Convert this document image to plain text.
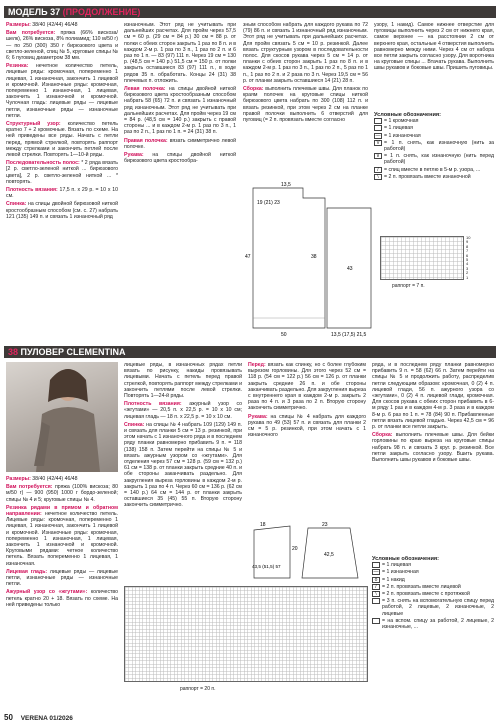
МОДЕЛЬ 37 (ПРОДОЛЖЕНИЕ)

Размеры: 38/40 (42/44) 46/48

Вам потребуется: пряжа (66% вискоза/шелк), 26% вискоза, 8% полиамид; 110 м/50 г) — по 250 (300) 350 г бирюзового цвета и светло-зеленой, спиц № 5, круговые спицы № 6; 6 пуговиц диаметром 38 мм.

Резинка: нечетное количество петель, лицевые ряды: кромочная, попеременно 1 лицевая, 1 изнаночная, закончить 1 лицевой и кромочной. Изнаночные ряды: кромочная, попеременно 1 изнаночная, 1 лицевая, закончить 1 изнаночной и кромочной. Чулочная гладь: лицевые ряды — лицевые петли, изнаночные ряды — изнаночные петли.

Структурный узор: количество петель кратно 7 + 2 кромочные. Вязать по схеме. На ней приведены все ряды. Начать с петли перед, прямой стрелкой, повторять раппорт между стрелками и закончить петлей после левой стрелки. Повторять 1—10-й ряды.

Последовательность полос: * 2 ряда вязать [2 р. светло-зеленой ниткой ... бирюзового цвета], 2 р. светло-зеленой ниткой ... * повторять.

Плотность вязания: 17,5 п. x 29 р. = 10 x 10 см.

Спинка: на спицы двойной бирюзовой ниткой кростообразным способом (см. с. 27) набрать 121 (135) 149 п. и связать 1 изнаночный ряд

изнаночным. Этот ряд не учитывать при дальнейших расчетах. Для пройм через 57,5 см = 60 р. (29 см = 84 р.) 30 см = 88 р. от полки с обеих сторон закрыть 1 раз по 8 п. и в каждом 2-м р. 1 раз по 3 п., 1 раз по 2 п. и 6 раз по 1 п. — 83 (97) 111 п. Через 19 см = 130 р. (48,5 см = 140 р.) 51,5 см = 150 р. от полки закрыть оставшиеся 83 (97) 111 п., в ходе рядов 35 п. обработать. Концы 24 (31) 38 плечевых п. отложить.

Левая полочка: на спицы двойной ниткой бирюзового цвета кростообразным способом набрать 58 (65) 72 п. и связать 1 изнаночный ряд изнаночным. Этот ряд не учитывать при дальнейших расчетах. Для пройм через 19 см = 84 р. (48,5 см = 140 р.) закрыть с правой стороны ... и в каждом 2-м р. 1 раз по 3 п., 1 раз по 2 п., 1 раз по 1 п. = 24 (31) 38 п.

Правая полочка: вязать симметрично левой полочке.

Рукава: на спицы двойной ниткой бирюзового цвета кростообра-

зным способом набрать для каждого рукава по 72 (79) 86 п. и связать 1 изнаночный ряд изнаночным. Этот ряд не учитывать при дальнейших расчетах. Для пройм связать 5 см = 10 р. резинкой. Далее вязать структурным узором в последовательности полос. Для скосов рукава через 5 см = 14 р. от планки с обеих сторон закрыть 1 раз по 8 п. и в каждом 2-м р. 1 раз по 3 п., 1 раз по 2 п., 5 раз по 1 п., 1 раз по 2 п. и 2 раза по 3 п. Через 19,5 см = 56 р. от планки закрыть оставшиеся 14 (21) 28 п.

Сборка: выполнить плечевые швы. Для планок по краям полочек на круговые спицы ниткой бирюзового цвета набрать по 300 (108) 112 п. и вязать резинкой, при этом через 2 см на планке правой полочки выполнить 6 отверстий для пуговиц (= 2 п. провязать вместе согласно

узору, 1 накид). Самое нижнее отверстие для пуговицы выполнить через 2 см от нижнего края, самое верхнее — на расстоянии 2 см от верхнего края, остальные 4 отверстия выполнить равномерно между ними. Через 4 см от набора все петли закрыть согласно узору. Для воротника на круговые спицы ... Втачать рукава. Выполнить швы рукавов и боковые швы. Пришить пуговицы.

13,5
19 (21) 23
47	38
43
50	13,5 (17,5) 21,5
Условные обозначения:
= 1 кромочная
= 1 лицевая
— = 1 изнаночная
V = 1 п. снять, как изнаночную (нить за работой)
∨ = 1 п. снять, как изнаночную (нить перед работой)
/	= спиц вместе в петлю в 5-м р. узора, ...
\	= 2 п. провязать вместе изнаночной
10
9
8
7
6
5
4
3
2
1
раппорт = 7 п.
38 ПУЛОВЕР CLEMENTINA

Размеры: 38/40 (42/44) 46/48

Вам потребуется: пряжа (100% вискоза; 80 м/50 г) — 900 (950) 1000 г бордо-зеленой; спицы № 4 и 5; круговые спицы № 4.

Резинка рядами в прямом и обратном направлении: нечетное количество петель. Лицевые ряды: кромочная, попеременно 1 лицевая, 1 изнаночная, закончить 1 лицевой и кромочной. Изнаночные ряды: кромочная, попеременно 1 изнаночная, 1 лицевая, закончить 1 изнаночной и кромочной. Круговыми рядами: четное количество петель. Вязать попеременно 1 лицевая, 1 изнаночная.

Лицевая гладь: лицевые ряды — лицевые петли, изнаночные ряды — изнаночные петли.

Ажурный узор со «жгутами»: количество петель кратно 20 + 18. Вязать по схеме. На ней приведены только

лицевые ряды, в изнаночных рядах петли вязать по рисунку, накиды провязывать лицевыми. Начать с петель перед правой стрелкой, повторять раппорт между стрелками и закончить петлями после левой стрелки. Повторять 1—24-й ряды.

Плотность вязания: ажурный узор со «жгутами» — 20,5 п. x 22,5 р. = 10 x 10 см; лицевая гладь — 18 п. x 22,5 р. = 10 x 10 см.

Спинка: на спицы № 4 набрать 109 (129) 149 п. и связать для планки 5 см = 13 р. резинкой, при этом начать с 1 изнаночного ряда и в последнем ряду планки равномерно прибавить 9 п. = 118 (138) 158 п. Затем перейти на спицы № 5 и вязать ажурным узором со «жгутами». Для отделения через 57 см = 128 р. (59 см = 132 р.) 61 см = 138 р. от планки закрыть средние 40 п. и обе стороны заканчивать раздельно. Для закругления выреза горловины в каждом 2-м р. закрыть 1 раз по 4 п. Через 60 см = 136 р. (62 см = 140 р.) 64 см = 144 р. от планки закрыть оставшиеся 35 (45) 55 п. Вторую сторону закончить симметрично.

Перед: вязать как спинку, но с более глубоким вырезом горловины. Для этого через 52 см = 118 р. (54 см = 122 р.) 56 см = 126 р. от планки закрыть средние 26 п. и обе стороны заканчивать раздельно. Для закругления выреза с внутреннего края в каждом 2-м р. закрыть 2 раза по 4 п. и 3 раза по 2 п. Вторую сторону закончить симметрично.

Рукава: на спицы № 4 набрать для каждого рукава по 49 (53) 57 п. и связать для планки 2 см = 5 р. резинкой, при этом начать с 1 изнаночного

ряда, и в последнем ряду планки равномерно прибавить 9 п. = 58 (62) 66 п. Затем перейти на спицы № 5 и продолжить работу, распределив петли следующим образом: кромочная, 0 (2) 4 п. лицевой глади, 56 п. ажурного узора со «жгутами», 0 (2) 4 п. лицевой глади, кромочная. Для скосов рукава с обеих сторон прибавить в 6-м ряду 1 раз и в каждом 4-м р. 3 раза и в каждом 8-м р. 6 раз по 1 п. = 78 (84) 90 п. Прибавленные петли вязать лицевой гладью. Через 42,5 см = 96 р. от планки все петли закрыть.

Сборка: выполнить плечевые швы. Для бейки горловины по краю выреза на круговые спицы набрать 98 п. и связать 3 круг. р. резинкой. Все петли закрыть согласно узору. Вшить рукава. Выполнить швы рукавов и боковые швы.

18
20
23
42,5
43,5 (51,5) 57
раппорт = 20 п.
Условные обозначения:
= 1 лицевая
— = 1 изнаночная
o = 1 накид
/	= 2 п. провязать вместе лицевой
\	= 2 п. провязать вместе с протяжкой
= 3 п. снять на вспомогательную спицу перед работой, 2 лицевые, 2 изнаночные, 2 лицевые
= на вспом. спицу за работой, 2 лицевые, 2 изнаночные, ...
50 VERENA 01/2026
